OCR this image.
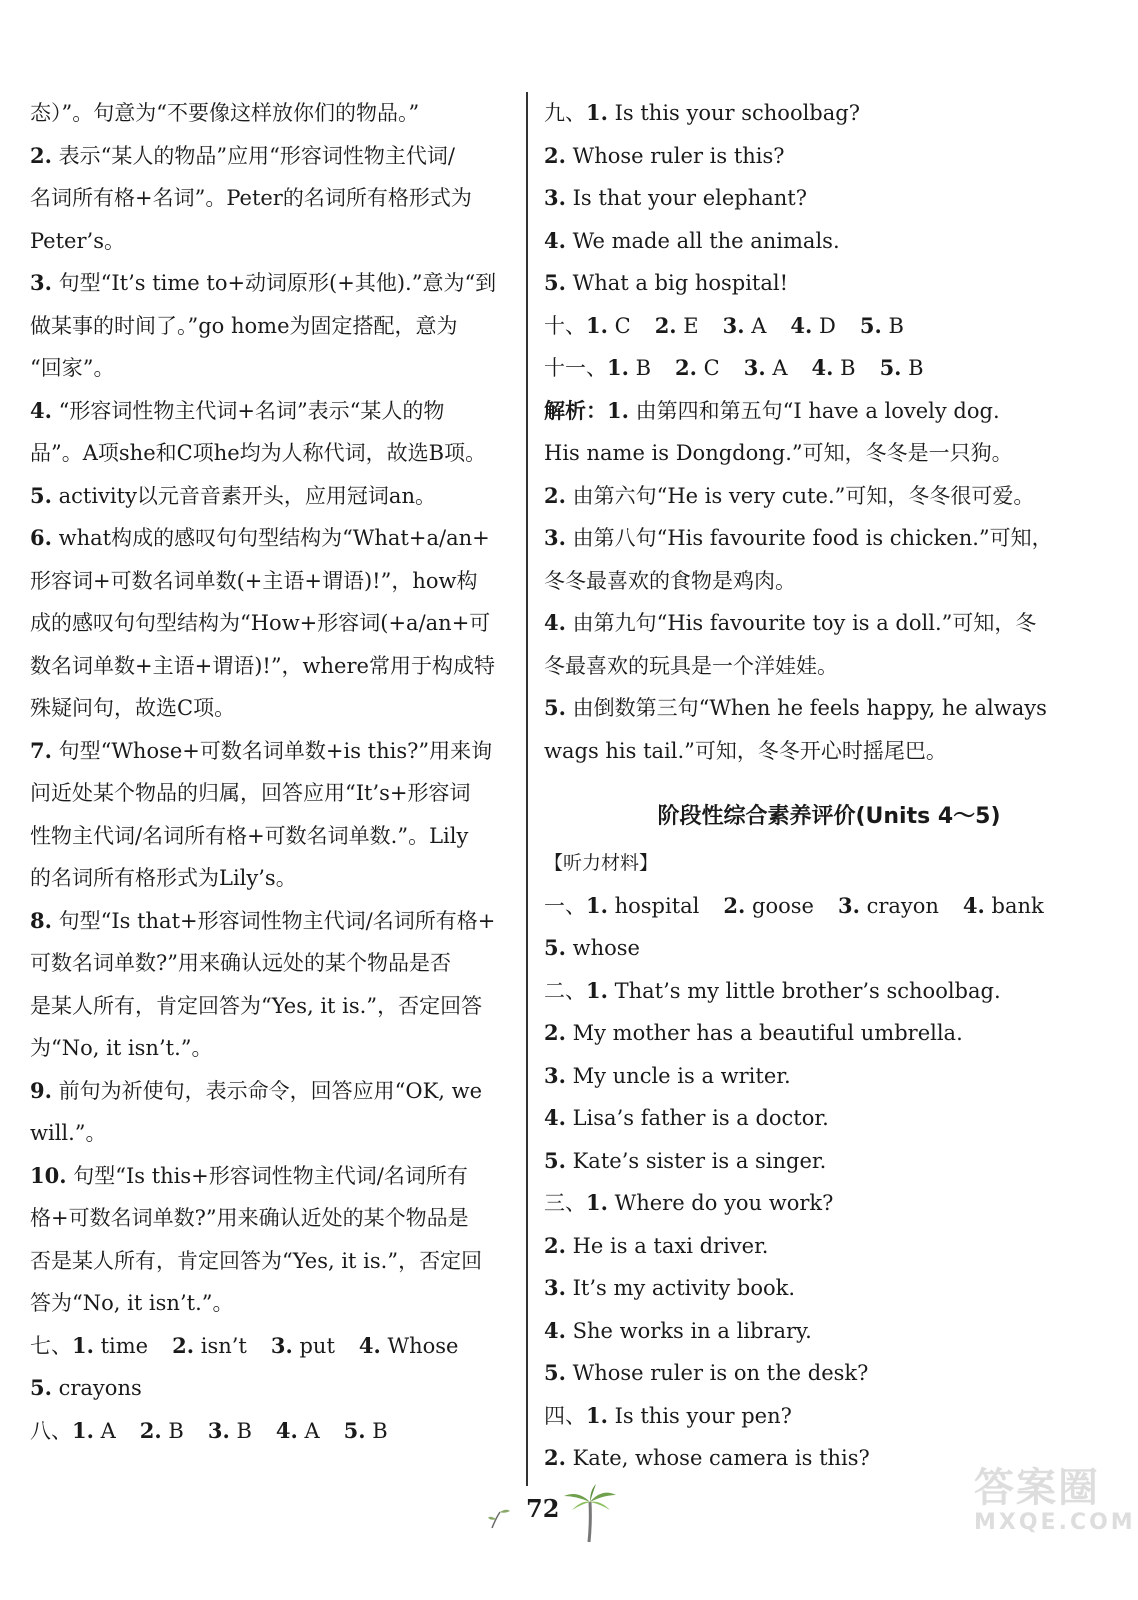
态）”。句意为“不要像这样放你们的物品。”
2. 表示“某人的物品”应用“形容词性物主代词/
名词所有格+名词”。Peter的名词所有格形式为
Peter’s。
3. 句型“It’s time to+动词原形(+其他).”意为“到
做某事的时间了。”go home为固定搭配，意为
“回家”。
4. “形容词性物主代词+名词”表示“某人的物
品”。A项she和C项he均为人称代词，故选B项。
5. activity以元音音素开头，应用冠词an。
6. what构成的感叹句句型结构为“What+a/an+
形容词+可数名词单数(+主语+谓语)!”，how构
成的感叹句句型结构为“How+形容词(+a/an+可
数名词单数+主语+谓语)!”，where常用于构成特
殊疑问句，故选C项。
7. 句型“Whose+可数名词单数+is this?”用来询
问近处某个物品的归属，回答应用“It’s+形容词
性物主代词/名词所有格+可数名词单数.”。Lily
的名词所有格形式为Lily’s。
8. 句型“Is that+形容词性物主代词/名词所有格+
可数名词单数?”用来确认远处的某个物品是否
是某人所有，肯定回答为“Yes, it is.”，否定回答
为“No, it isn’t.”。
9. 前句为祈使句，表示命令，回答应用“OK, we
will.”。
10. 句型“Is this+形容词性物主代词/名词所有
格+可数名词单数?”用来确认近处的某个物品是
否是某人所有，肯定回答为“Yes, it is.”，否定回
答为“No, it isn’t.”。
七、1. time 2. isn’t 3. put 4. Whose
5. crayons
八、1. A 2. B 3. B 4. A 5. B
九、1. Is this your schoolbag?
2. Whose ruler is this?
3. Is that your elephant?
4. We made all the animals.
5. What a big hospital!
十、1. C 2. E 3. A 4. D 5. B
十一、1. B 2. C 3. A 4. B 5. B
解析：1. 由第四和第五句“I have a lovely dog.
His name is Dongdong.”可知，冬冬是一只狗。
2. 由第六句“He is very cute.”可知，冬冬很可爱。
3. 由第八句“His favourite food is chicken.”可知，
冬冬最喜欢的食物是鸡肉。
4. 由第九句“His favourite toy is a doll.”可知，冬
冬最喜欢的玩具是一个洋娃娃。
5. 由倒数第三句“When he feels happy, he always
wags his tail.”可知，冬冬开心时摇尾巴。
阶段性综合素养评价(Units 4～5)
【听力材料】
一、1. hospital 2. goose 3. crayon 4. bank
5. whose
二、1. That’s my little brother’s schoolbag.
2. My mother has a beautiful umbrella.
3. My uncle is a writer.
4. Lisa’s father is a doctor.
5. Kate’s sister is a singer.
三、1. Where do you work?
2. He is a taxi driver.
3. It’s my activity book.
4. She works in a library.
5. Whose ruler is on the desk?
四、1. Is this your pen?
2. Kate, whose camera is this?
72	答案圈
MXQE.COM
